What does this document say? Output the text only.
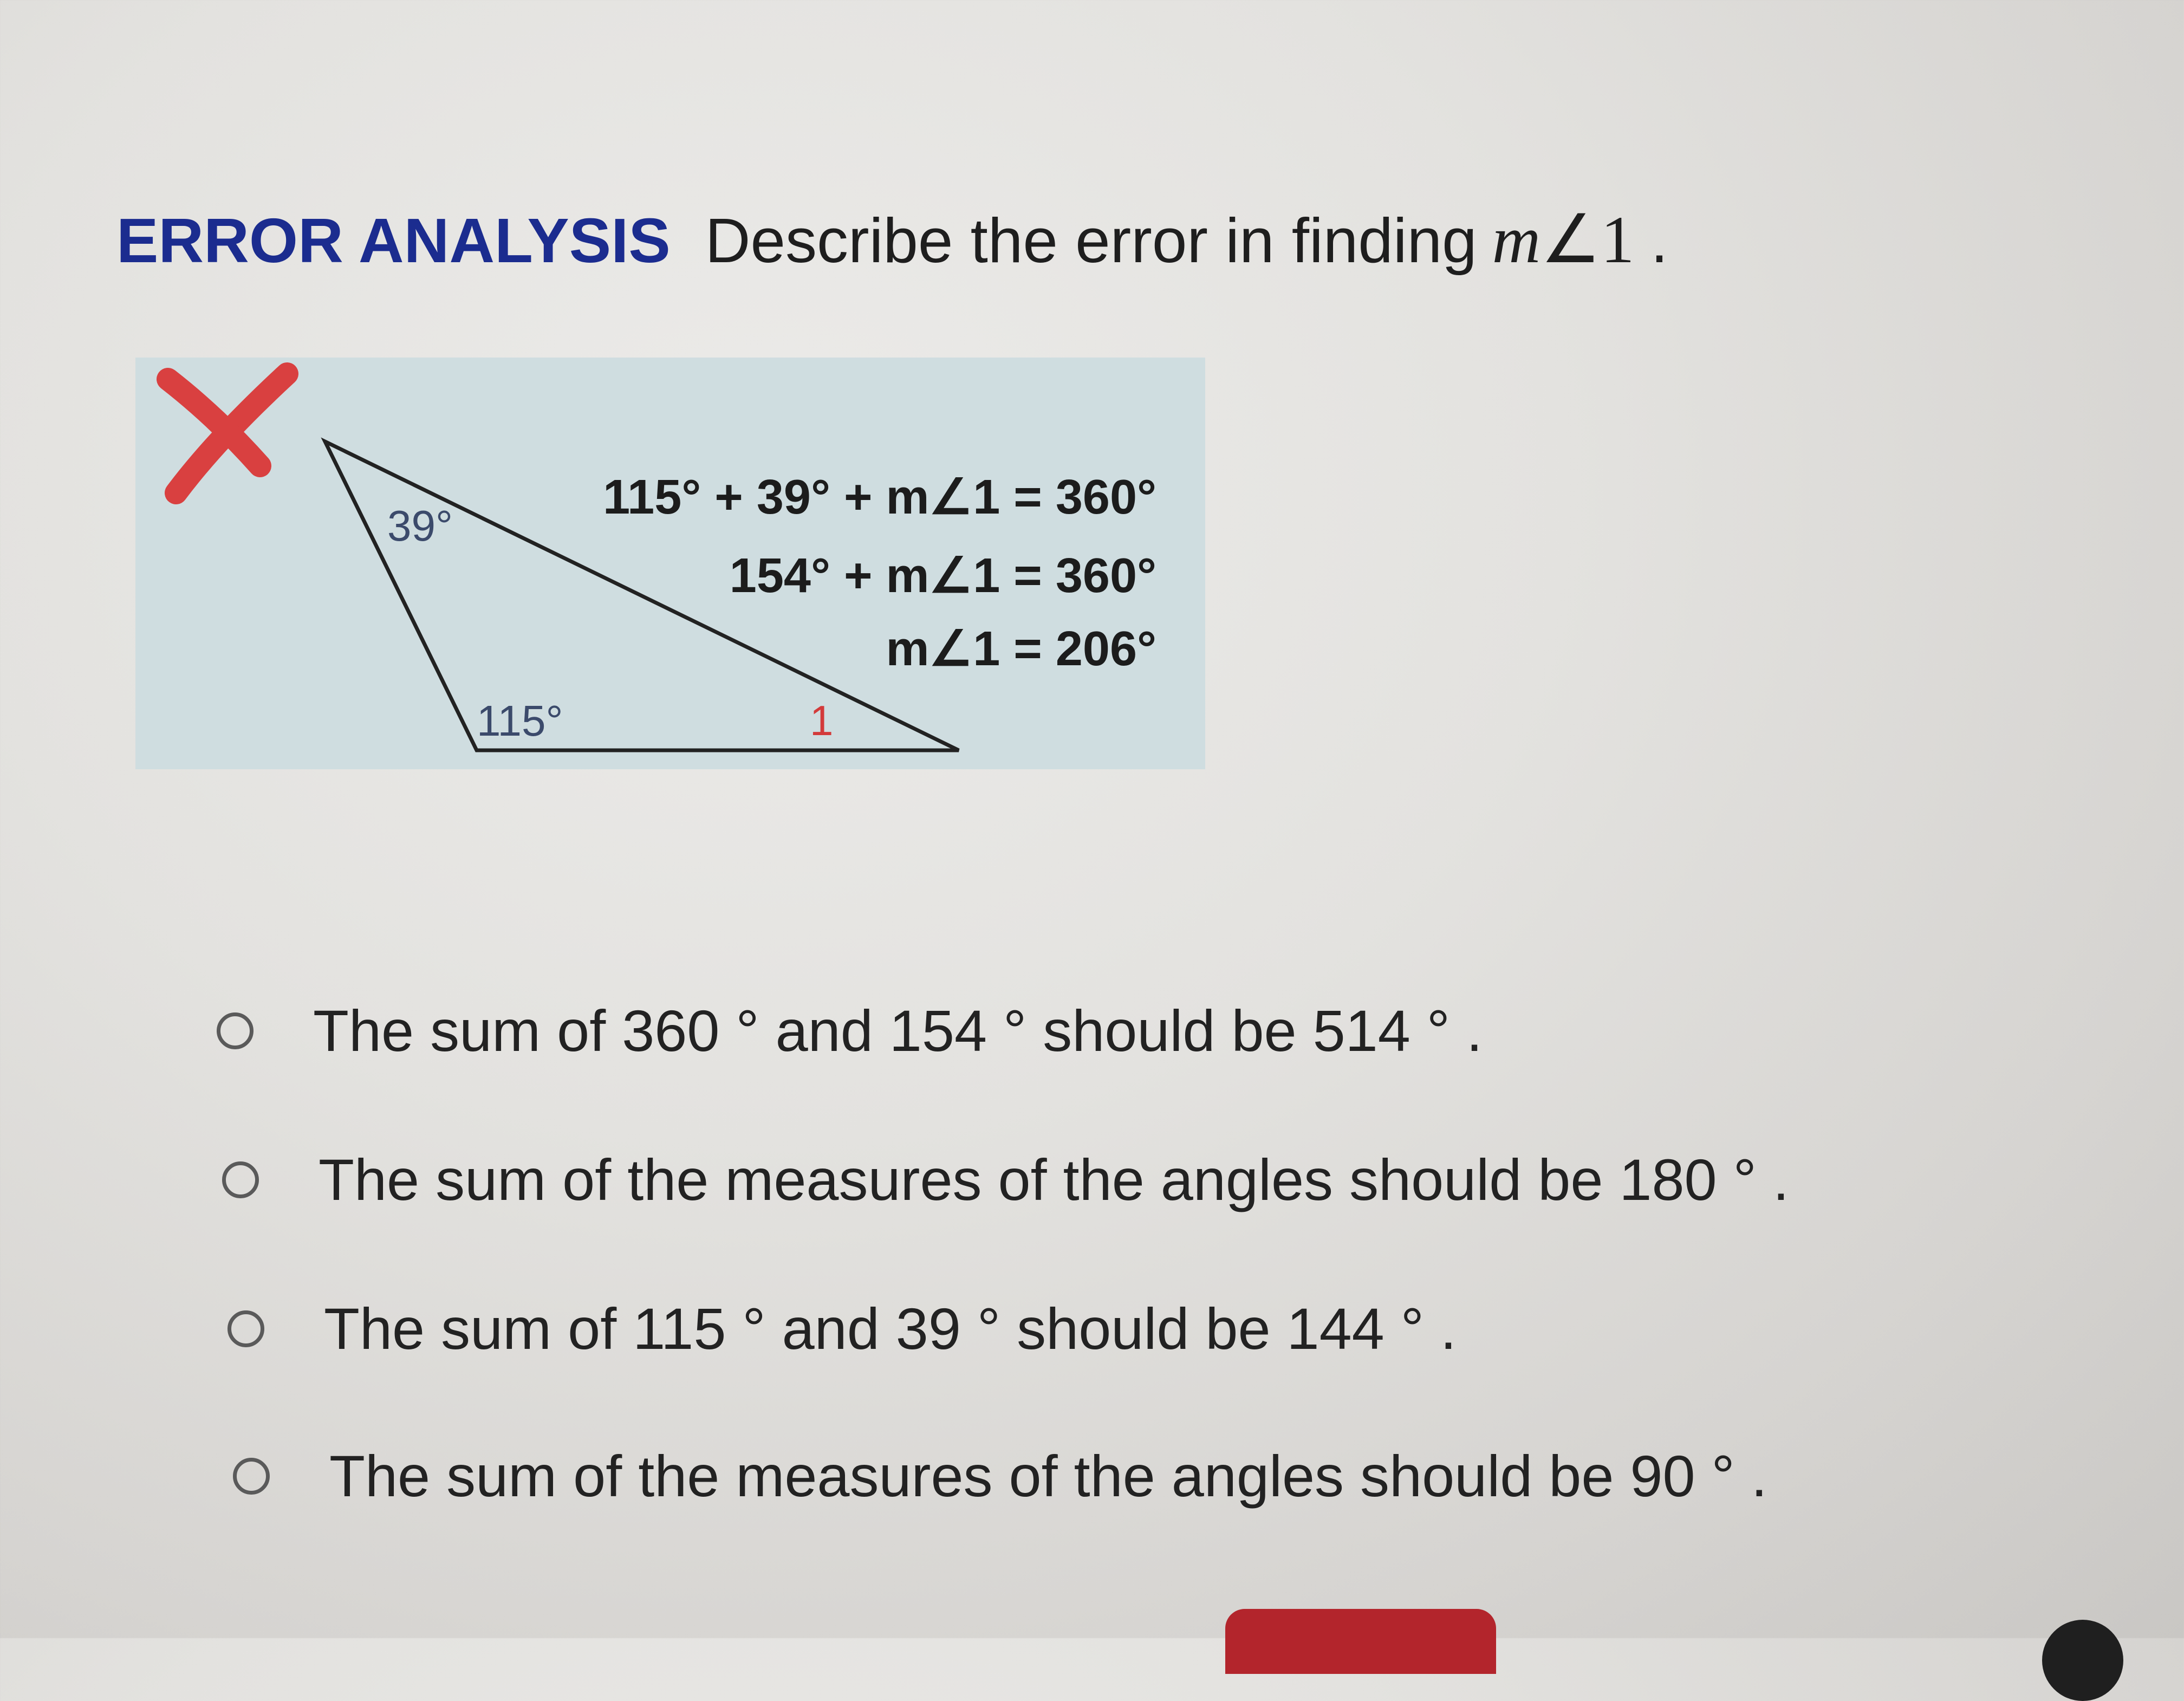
ERROR ANALYSIS Describe the error in finding m∠1 .
39°
115°	1
115° + 39° + m∠1 = 360°
154° + m∠1 = 360°
m∠1 = 206°
The sum of 360 ° and 154 ° should be 514 ° .
The sum of the measures of the angles should be 180 ° .
The sum of 115 ° and 39 ° should be 144 ° .
The sum of the measures of the angles should be 90 ° .
